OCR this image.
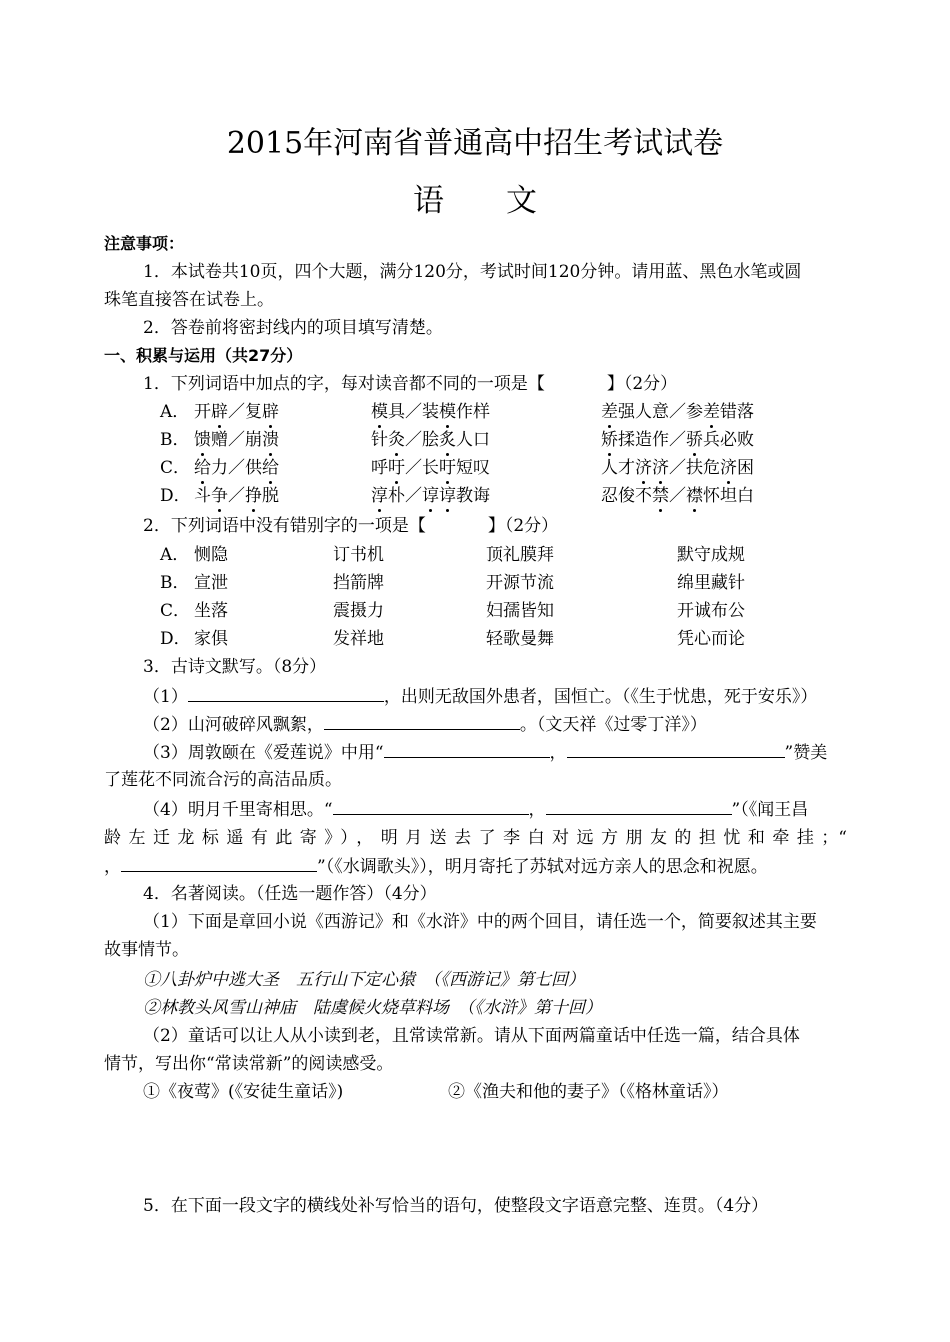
2015年河南省普通高中招生考试试卷
语文
注意事项：
1．本试卷共10页，四个大题，满分120分，考试时间120分钟。请用蓝、黑色水笔或圆
珠笔直接答在试卷上。
2．答卷前将密封线内的项目填写清楚。
一、积累与运用（共27分）
1．下列词语中加点的字，每对读音都不同的一项是【	】（2分）
A． 开辟／复辟	模具／装模作样	差强人意／参差错落
B． 馈赠／崩溃	针灸／脍炙人口	矫揉造作／骄兵必败
C． 给力／供给	呼吁／长吁短叹	人才济济／扶危济困
D． 斗争／挣脱	淳朴／谆谆教诲	忍俊不禁／襟怀坦白
2．下列词语中没有错别字的一项是【	】（2分）
A． 恻隐	订书机	顶礼膜拜	默守成规
B． 宣泄	挡箭牌	开源节流	绵里藏针
C． 坐落	震摄力	妇孺皆知	开诚布公
D． 家俱	发祥地	轻歌曼舞	凭心而论
3．古诗文默写。（8分）
（1）	，出则无敌国外患者，国恒亡。（《生于忧患，死于安乐》）
（2）山河破碎风飘絮，	。（文天祥《过零丁洋》）
（3）周敦颐在《爱莲说》中用“	，	”赞美
了莲花不同流合污的高洁品质。
（4）明月千里寄相思。“	，	”（《闻王昌
龄左迁龙标遥有此寄》），明月送去了李白对远方朋友的担忧和牵挂；“
，	”（《水调歌头》），明月寄托了苏轼对远方亲人的思念和祝愿。
4．名著阅读。（任选一题作答）（4分）
（1）下面是章回小说《西游记》和《水浒》中的两个回目，请任选一个，简要叙述其主要
故事情节。
①八卦炉中逃大圣　五行山下定心猿　（《西游记》第七回）
②林教头风雪山神庙　陆虞候火烧草料场　（《水浒》第十回）
（2）童话可以让人从小读到老，且常读常新。请从下面两篇童话中任选一篇，结合具体
情节，写出你“常读常新”的阅读感受。
①《夜莺》(《安徒生童话》)	②《渔夫和他的妻子》（《格林童话》）
5．在下面一段文字的横线处补写恰当的语句，使整段文字语意完整、连贯。（4分）
